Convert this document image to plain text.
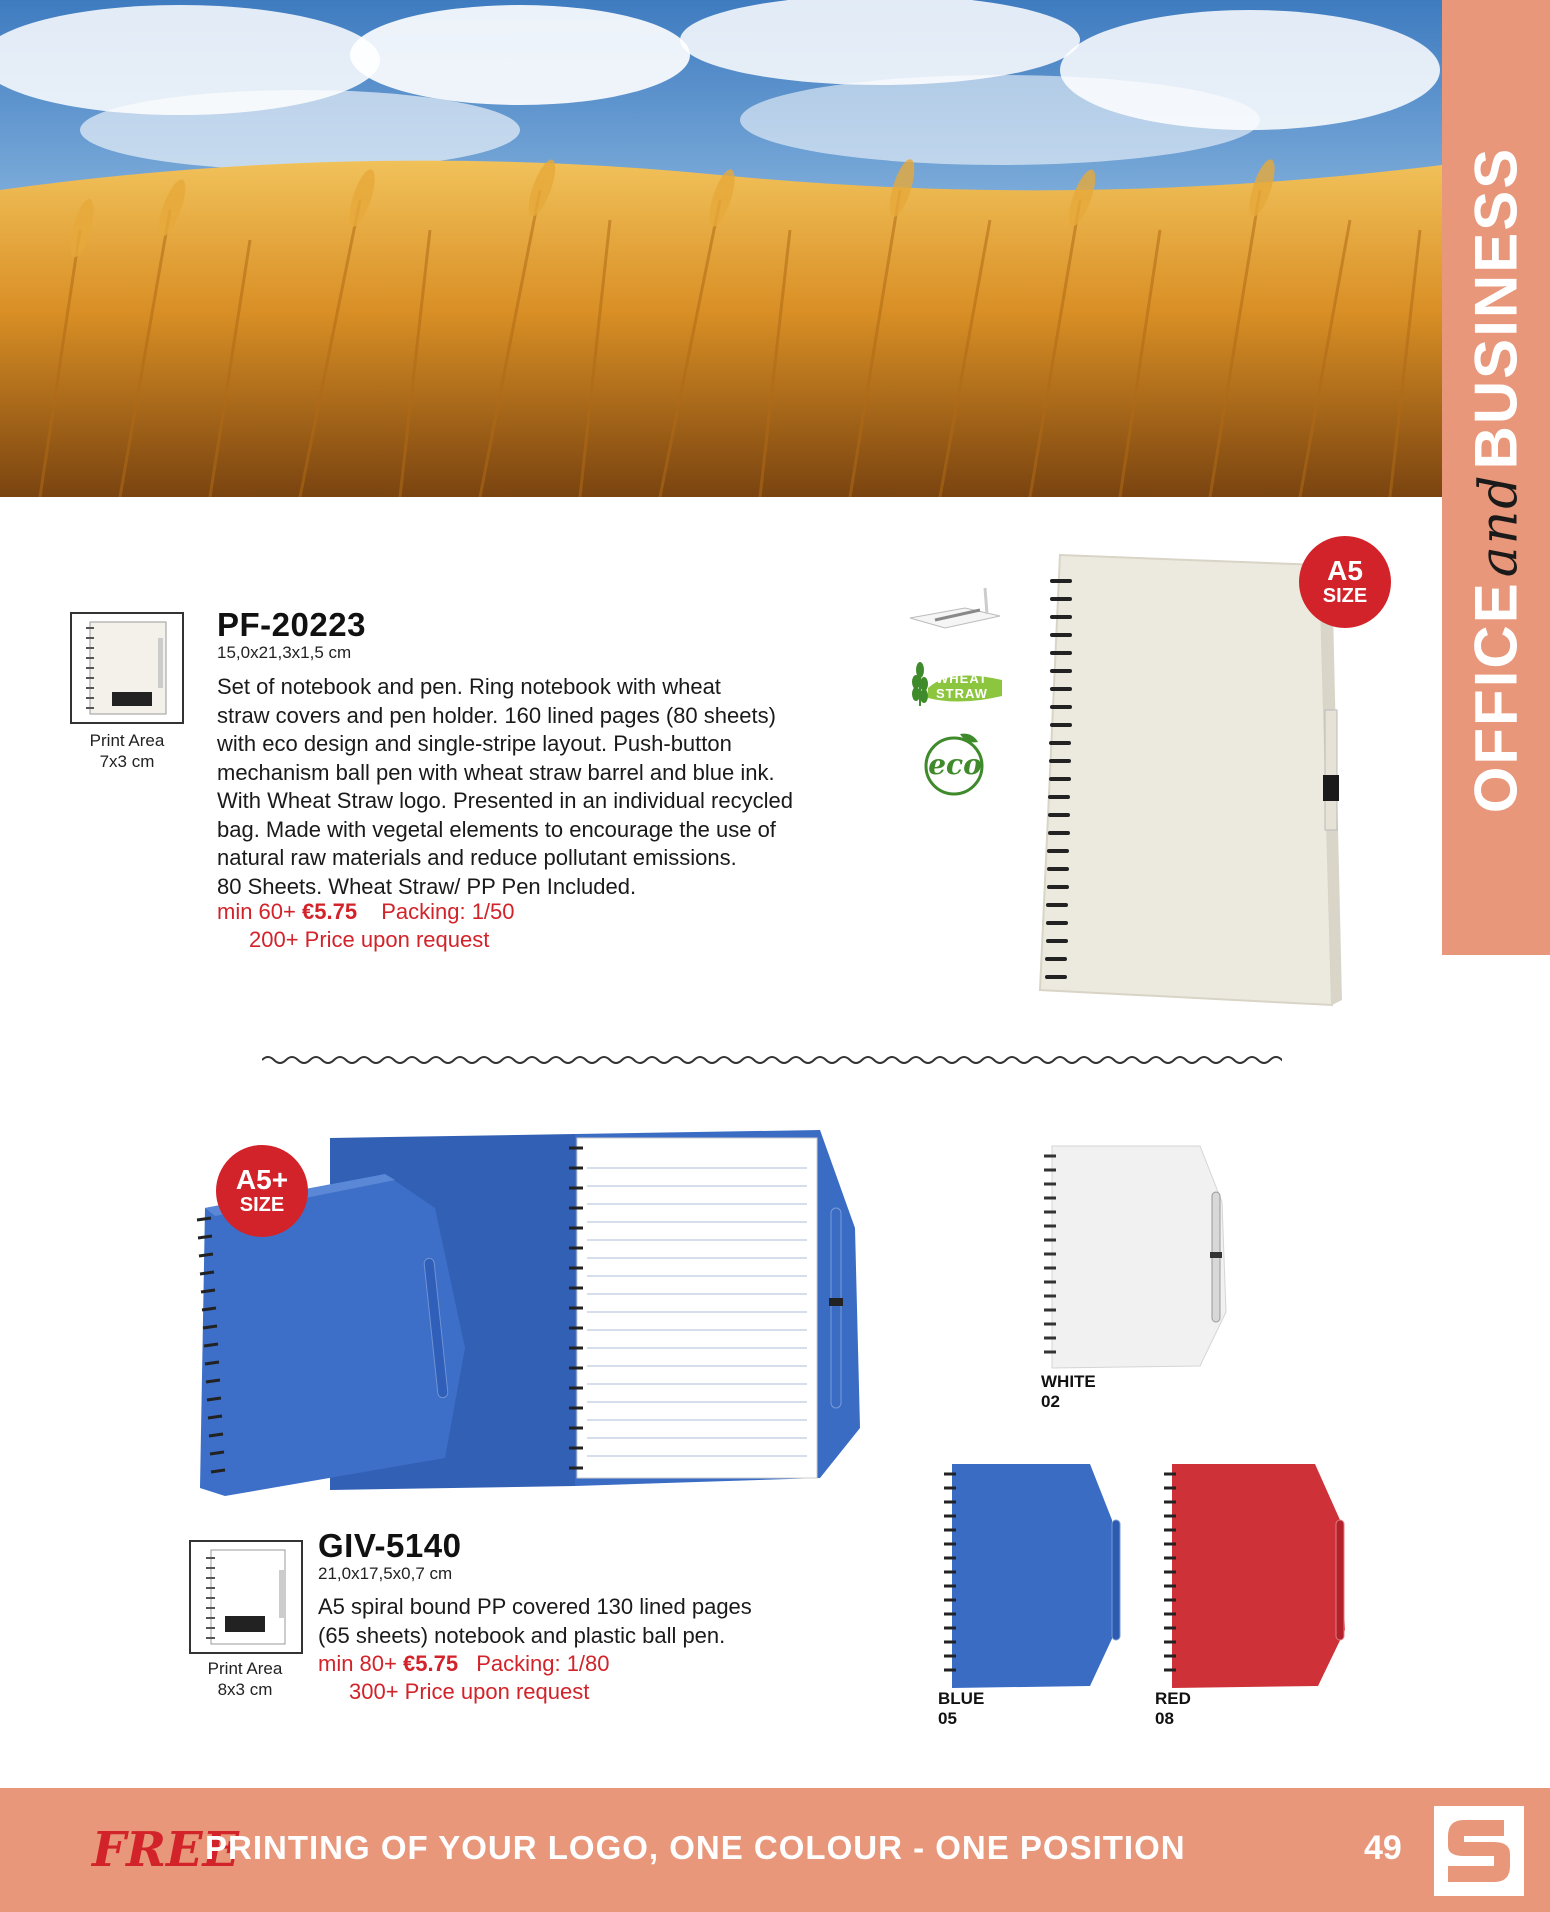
OFFICEandBUSINESS
Print Area
7x3 cm
PF-20223
15,0x21,3x1,5 cm
Set of notebook and pen. Ring notebook with wheat
straw covers and pen holder. 160 lined pages (80 sheets)
with eco design and single-stripe layout. Push-button
mechanism ball pen with wheat straw barrel and blue ink.
With Wheat Straw logo. Presented in an individual recycled
bag. Made with vegetal elements to encourage the use of
natural raw materials and reduce pollutant emissions.
80 Sheets. Wheat Straw/ PP Pen Included.
min 60+ €5.75 Packing: 1/50
200+ Price upon request
WHEAT
STRAW
eco
A5
SIZE
A5+
SIZE
Print Area
8x3 cm
GIV-5140
21,0x17,5x0,7 cm
A5 spiral bound PP covered 130 lined pages
(65 sheets) notebook and plastic ball pen.
min 80+ €5.75 Packing: 1/80
300+ Price upon request
WHITE
02
BLUE
05
RED
08
FREE
PRINTING OF YOUR LOGO, ONE COLOUR - ONE POSITION	49
